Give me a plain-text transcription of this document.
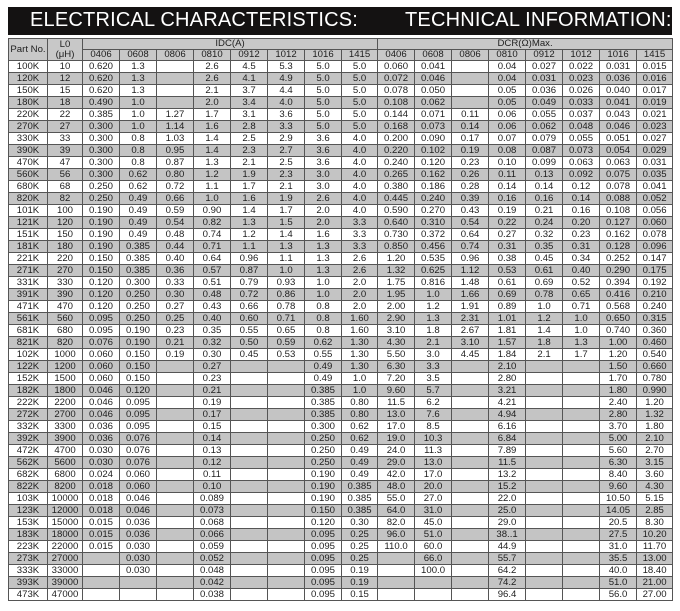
ELECTRICAL CHARACTERISTICS: TECHNICAL INFORMATION:
Part No.	L0
(μH)	IDC(A)								DCR(Ω)Max.							
		0406	0608	0806	0810	0912	1012	1016	1415	0406	0608	0806	0810	0912	1012	1016	1415
100K	10	0.620	1.3		2.6	4.5	5.3	5.0	5.0	0.060	0.041		0.04	0.027	0.022	0.031	0.015
120K	12	0.620	1.3		2.6	4.1	4.9	5.0	5.0	0.072	0.046		0.04	0.031	0.023	0.036	0.016
150K	15	0.620	1.3		2.1	3.7	4.4	5.0	5.0	0.078	0.050		0.05	0.036	0.026	0.040	0.017
180K	18	0.490	1.0		2.0	3.4	4.0	5.0	5.0	0.108	0.062		0.05	0.049	0.033	0.041	0.019
220K	22	0.385	1.0	1.27	1.7	3.1	3.6	5.0	5.0	0.144	0.071	0.11	0.06	0.055	0.037	0.043	0.021
270K	27	0.300	1.0	1.14	1.6	2.8	3.3	5.0	5.0	0.168	0.073	0.14	0.06	0.062	0.048	0.046	0.023
330K	33	0.300	0.8	1.03	1.4	2.5	2.9	3.6	4.0	0.200	0.090	0.17	0.07	0.079	0.055	0.051	0.027
390K	39	0.300	0.8	0.95	1.4	2.3	2.7	3.6	4.0	0.220	0.102	0.19	0.08	0.087	0.073	0.054	0.029
470K	47	0.300	0.8	0.87	1.3	2.1	2.5	3.6	4.0	0.240	0.120	0.23	0.10	0.099	0.063	0.063	0.031
560K	56	0.300	0.62	0.80	1.2	1.9	2.3	3.0	4.0	0.265	0.162	0.26	0.11	0.13	0.092	0.075	0.035
680K	68	0.250	0.62	0.72	1.1	1.7	2.1	3.0	4.0	0.380	0.186	0.28	0.14	0.14	0.12	0.078	0.041
820K	82	0.250	0.49	0.66	1.0	1.6	1.9	2.6	4.0	0.445	0.240	0.39	0.16	0.16	0.14	0.088	0.052
101K	100	0.190	0.49	0.59	0.90	1.4	1.7	2.0	4.0	0.590	0.270	0.43	0.19	0.21	0.16	0.108	0.056
121K	120	0.190	0.49	0.54	0.82	1.3	1.5	2.0	3.3	0.640	0.310	0.54	0.22	0.24	0.20	0.127	0.060
151K	150	0.190	0.49	0.48	0.74	1.2	1.4	1.6	3.3	0.730	0.372	0.64	0.27	0.32	0.23	0.162	0.078
181K	180	0.190	0.385	0.44	0.71	1.1	1.3	1.3	3.3	0.850	0.456	0.74	0.31	0.35	0.31	0.128	0.096
221K	220	0.150	0.385	0.40	0.64	0.96	1.1	1.3	2.6	1.20	0.535	0.96	0.38	0.45	0.34	0.252	0.147
271K	270	0.150	0.385	0.36	0.57	0.87	1.0	1.3	2.6	1.32	0.625	1.12	0.53	0.61	0.40	0.290	0.175
331K	330	0.120	0.300	0.33	0.51	0.79	0.93	1.0	2.0	1.75	0.816	1.48	0.61	0.69	0.52	0.394	0.192
391K	390	0.120	0.250	0.30	0.48	0.72	0.86	1.0	2.0	1.95	1.0	1.66	0.69	0.78	0.65	0.416	0.210
471K	470	0.120	0.250	0.27	0.43	0.66	0.78	0.8	2.0	2.00	1.2	1.91	0.89	1.0	0.71	0.568	0.240
561K	560	0.095	0.250	0.25	0.40	0.60	0.71	0.8	1.60	2.90	1.3	2.31	1.01	1.2	1.0	0.650	0.315
681K	680	0.095	0.190	0.23	0.35	0.55	0.65	0.8	1.60	3.10	1.8	2.67	1.81	1.4	1.0	0.740	0.360
821K	820	0.076	0.190	0.21	0.32	0.50	0.59	0.62	1.30	4.30	2.1	3.10	1.57	1.8	1.3	1.00	0.460
102K	1000	0.060	0.150	0.19	0.30	0.45	0.53	0.55	1.30	5.50	3.0	4.45	1.84	2.1	1.7	1.20	0.540
122K	1200	0.060	0.150		0.27			0.49	1.30	6.30	3.3		2.10			1.50	0.660
152K	1500	0.060	0.150		0.23			0.49	1.0	7.20	3.5		2.80			1.70	0.780
182K	1800	0.046	0.120		0.21			0.385	1.0	9.60	5.7		3.21			1.80	0.990
222K	2200	0.046	0.095		0.19			0.385	0.80	11.5	6.2		4.21			2.40	1.20
272K	2700	0.046	0.095		0.17			0.385	0.80	13.0	7.6		4.94			2.80	1.32
332K	3300	0.036	0.095		0.15			0.300	0.62	17.0	8.5		6.16			3.70	1.80
392K	3900	0.036	0.076		0.14			0.250	0.62	19.0	10.3		6.84			5.00	2.10
472K	4700	0.030	0.076		0.13			0.250	0.49	24.0	11.3		7.89			5.60	2.70
562K	5600	0.030	0.076		0.12			0.250	0.49	29.0	13.0		11.5			6.30	3.15
682K	6800	0.024	0.060		0.11			0.190	0.49	42.0	17.0		13.2			8.40	3.60
822K	8200	0.018	0.060		0.10			0.190	0.385	48.0	20.0		15.2			9.60	4.30
103K	10000	0.018	0.046		0.089			0.190	0.385	55.0	27.0		22.0			10.50	5.15
123K	12000	0.018	0.046		0.073			0.150	0.385	64.0	31.0		25.0			14.05	2.85
153K	15000	0.015	0.036		0.068			0.120	0.30	82.0	45.0		29.0			20.5	8.30
183K	18000	0.015	0.036		0.066			0.095	0.25	96.0	51.0		38..1			27.5	10.20
223K	22000	0.015	0.030		0.059			0.095	0.25	110.0	60.0		44.9			31.0	11.70
273K	27000		0.030		0.052			0.095	0.25		66.0		55.7			35.5	13.00
333K	33000		0.030		0.048			0.095	0.19		100.0		64.2			40.0	18.40
393K	39000				0.042			0.095	0.19				74.2			51.0	21.00
473K	47000				0.038			0.095	0.15				96.4			56.0	27.00
